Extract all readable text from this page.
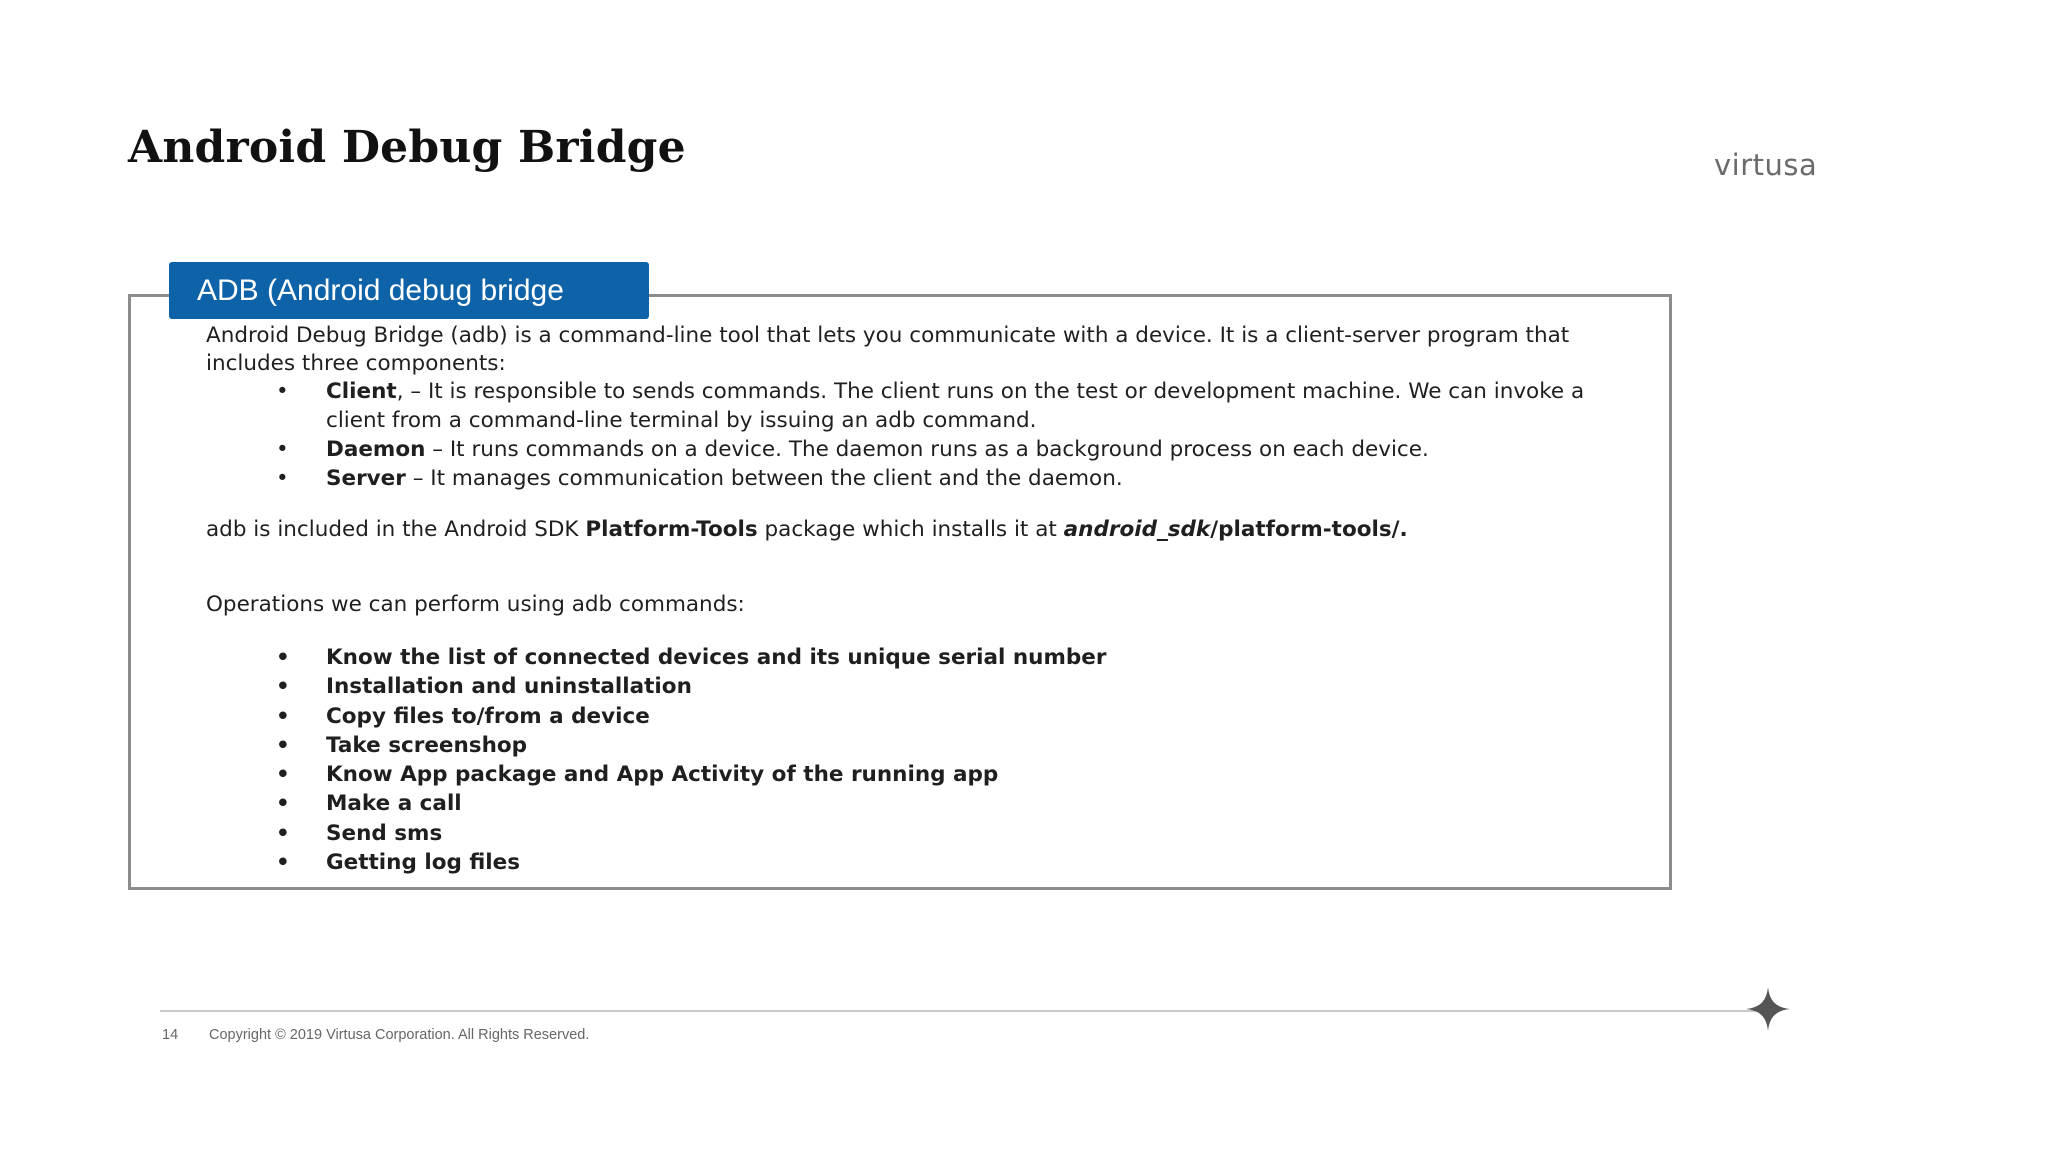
Android Debug Bridge	virtusa
ADB (Android debug bridge

Android Debug Bridge (adb) is a command-line tool that lets you communicate with a device. It is a client-server program that includes three components:

• Client, – It is responsible to sends commands. The client runs on the test or development machine. We can invoke a client from a command-line terminal by issuing an adb command.
• Daemon – It runs commands on a device. The daemon runs as a background process on each device.
• Server – It manages communication between the client and the daemon.

adb is included in the Android SDK Platform-Tools package which installs it at android_sdk/platform-tools/.

Operations we can perform using adb commands:

• Know the list of connected devices and its unique serial number
• Installation and uninstallation
• Copy files to/from a device
• Take screenshop
• Know App package and App Activity of the running app
• Make a call
• Send sms
• Getting log files
14 Copyright © 2019 Virtusa Corporation. All Rights Reserved.
